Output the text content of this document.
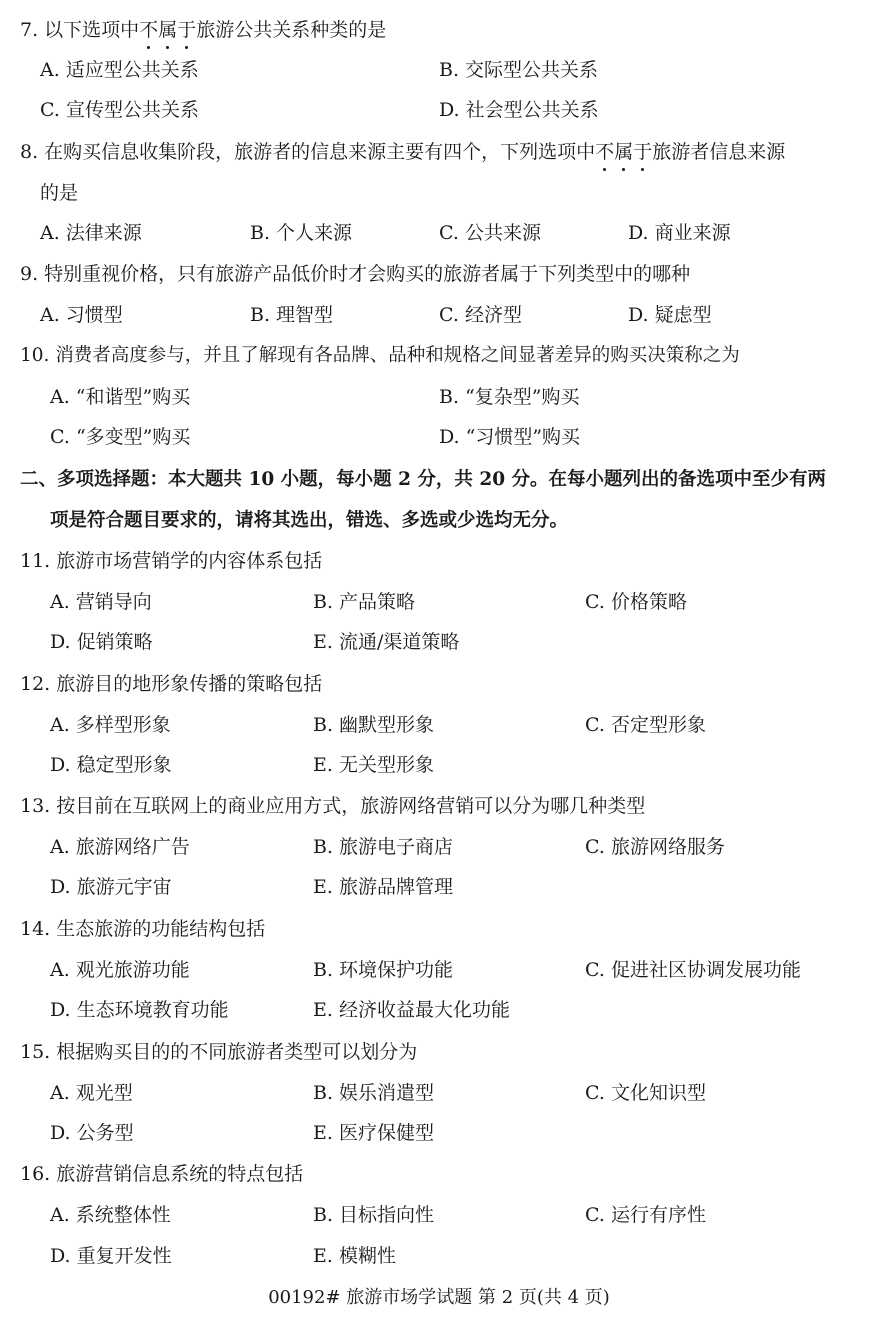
7. 以下选项中不属于旅游公共关系种类的是
A. 适应型公共关系	B. 交际型公共关系
C. 宣传型公共关系	D. 社会型公共关系
8. 在购买信息收集阶段，旅游者的信息来源主要有四个，下列选项中不属于旅游者信息来源
的是
A. 法律来源	B. 个人来源	C. 公共来源	D. 商业来源
9. 特别重视价格，只有旅游产品低价时才会购买的旅游者属于下列类型中的哪种
A. 习惯型	B. 理智型	C. 经济型	D. 疑虑型
10. 消费者高度参与，并且了解现有各品牌、品种和规格之间显著差异的购买决策称之为
A. “和谐型”购买	B. “复杂型”购买
C. “多变型”购买	D. “习惯型”购买
二、多项选择题：本大题共 10 小题，每小题 2 分，共 20 分。在每小题列出的备选项中至少有两
项是符合题目要求的，请将其选出，错选、多选或少选均无分。
11. 旅游市场营销学的内容体系包括
A. 营销导向	B. 产品策略	C. 价格策略
D. 促销策略	E. 流通/渠道策略
12. 旅游目的地形象传播的策略包括
A. 多样型形象	B. 幽默型形象	C. 否定型形象
D. 稳定型形象	E. 无关型形象
13. 按目前在互联网上的商业应用方式，旅游网络营销可以分为哪几种类型
A. 旅游网络广告	B. 旅游电子商店	C. 旅游网络服务
D. 旅游元宇宙	E. 旅游品牌管理
14. 生态旅游的功能结构包括
A. 观光旅游功能	B. 环境保护功能	C. 促进社区协调发展功能
D. 生态环境教育功能	E. 经济收益最大化功能
15. 根据购买目的的不同旅游者类型可以划分为
A. 观光型	B. 娱乐消遣型	C. 文化知识型
D. 公务型	E. 医疗保健型
16. 旅游营销信息系统的特点包括
A. 系统整体性	B. 目标指向性	C. 运行有序性
D. 重复开发性	E. 模糊性
00192# 旅游市场学试题 第 2 页(共 4 页)
